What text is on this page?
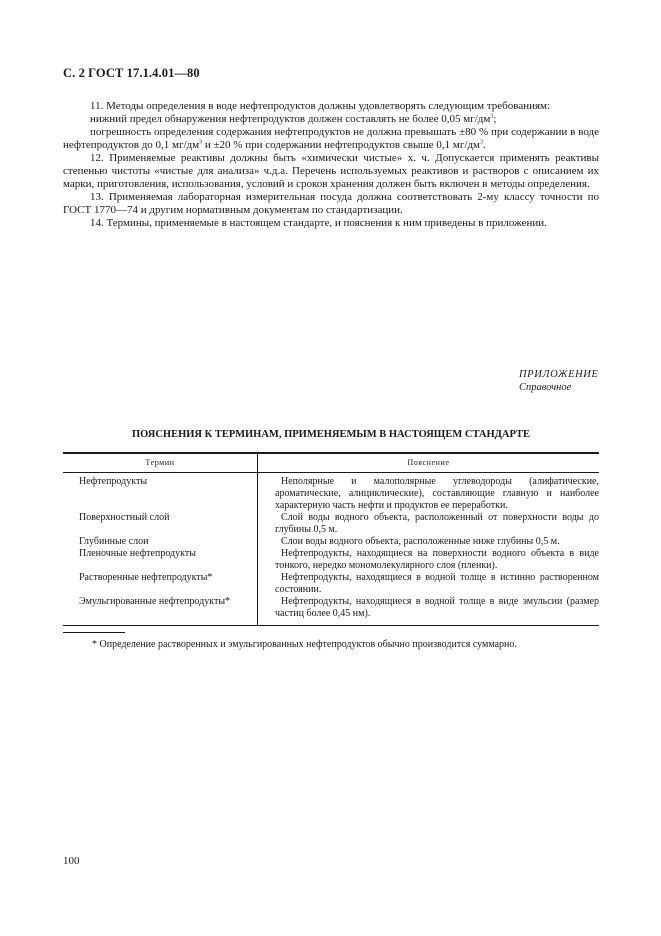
С. 2 ГОСТ 17.1.4.01—80

11. Методы определения в воде нефтепродуктов должны удовлетворять следующим требованиям:

нижний предел обнаружения нефтепродуктов должен составлять не более 0,05 $мг/дм^3$;

погрешность определения содержания нефтепродуктов не должна превышать ±80 % при содержании в воде нефтепродуктов до 0,1 $мг/дм^3$ и ±20 % при содержании нефтепродуктов свыше 0,1 $мг/дм^3$.

12. Применяемые реактивы должны быть «химически чистые» х. ч. Допускается применять реактивы степенью чистоты «чистые для анализа» ч.д.а. Перечень используемых реактивов и растворов с описанием их марки, приготовления, использования, условий и сроков хранения должен быть включен в методы определения.

13. Применяемая лабораторная измерительная посуда должна соответствовать 2-му классу точности по ГОСТ 1770—74 и другим нормативным документам по стандартизации.

14. Термины, применяемые в настоящем стандарте, и пояснения к ним приведены в приложении.

ПРИЛОЖЕНИЕ
Справочное
ПОЯСНЕНИЯ К ТЕРМИНАМ, ПРИМЕНЯЕМЫМ В НАСТОЯЩЕМ СТАНДАРТЕ
Термин	Пояснение
Нефтепродукты	Неполярные и малополярные углеводороды (алифатические, ароматические, алициклические), составляющие главную и наиболее характерную часть нефти и продуктов ее переработки.
Поверхностный слой	Слой воды водного объекта, расположенный от поверхности воды до глубины 0,5 м.
Глубинные слои	Слои воды водного объекта, расположенные ниже глубины 0,5 м.
Пленочные нефтепродукты	Нефтепродукты, находящиеся на поверхности водного объекта в виде тонкого, нередко мономолекулярного слоя (пленки).
Растворенные нефтепродукты*	Нефтепродукты, находящиеся в водной толще в истинно растворенном состоянии.
Эмульгированные нефтепродукты*	Нефтепродукты, находящиеся в водной толще в виде эмульсии (размер частиц более 0,45 нм).
* Определение растворенных и эмульгированных нефтепродуктов обычно производится суммарно.
100
